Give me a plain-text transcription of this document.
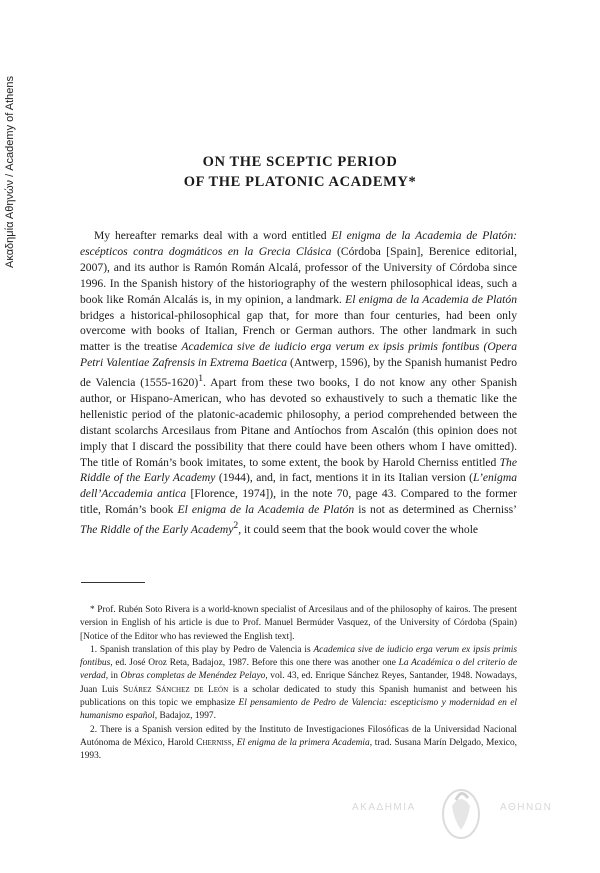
Ακαδημία Αθηνών / Academy of Athens	ON THE SCEPTIC PERIOD
OF THE PLATONIC ACADEMY*

My hereafter remarks deal with a word entitled El enigma de la Academia de Platón: escépticos contra dogmáticos en la Grecia Clásica (Córdoba [Spain], Berenice editorial, 2007), and its author is Ramón Román Alcalá, professor of the University of Córdoba since 1996. In the Spanish history of the historiography of the western philosophical ideas, such a book like Román Alcalás is, in my opinion, a landmark. El enigma de la Academia de Platón bridges a historical-philosophical gap that, for more than four centuries, had been only overcome with books of Italian, French or German authors. The other landmark in such matter is the treatise Academica sive de iudicio erga verum ex ipsis primis fontibus (Opera Petri Valentiae Zafrensis in Extrema Baetica (Antwerp, 1596), by the Spanish humanist Pedro de Valencia (1555-1620)$^1$. Apart from these two books, I do not know any other Spanish author, or Hispano-American, who has devoted so exhaustively to such a thematic like the hellenistic period of the platonic-academic philosophy, a period comprehended between the distant scolarchs Arcesilaus from Pitane and Antíochos from Ascalón (this opinion does not imply that I discard the possibility that there could have been others whom I have omitted). The title of Román’s book imitates, to some extent, the book by Harold Cherniss entitled The Riddle of the Early Academy (1944), and, in fact, mentions it in its Italian version (L’enigma dell’Accademia antica [Florence, 1974]), in the note 70, page 43. Compared to the former title, Román’s book El enigma de la Academia de Platón is not as determined as Cherniss’ The Riddle of the Early Academy$^2$, it could seem that the book would cover the whole

* Prof. Rubén Soto Rivera is a world-known specialist of Arcesilaus and of the philosophy of kairos. The present version in English of his article is due to Prof. Manuel Bermúder Vasquez, of the University of Córdoba (Spain) [Notice of the Editor who has reviewed the English text].

1. Spanish translation of this play by Pedro de Valencia is Academica sive de iudicio erga verum ex ipsis primis fontibus, ed. José Oroz Reta, Badajoz, 1987. Before this one there was another one La Académica o del criterio de verdad, in Obras completas de Menéndez Pelayo, vol. 43, ed. Enrique Sánchez Reyes, Santander, 1948. Nowadays, Juan Luis Suárez Sánchez de León is a scholar dedicated to study this Spanish humanist and between his publications on this topic we emphasize El pensamiento de Pedro de Valencia: escepticismo y modernidad en el humanismo español, Badajoz, 1997.

2. There is a Spanish version edited by the Instituto de Investigaciones Filosóficas de la Universidad Nacional Autónoma de México, Harold Cherniss, El enigma de la primera Academia, trad. Susana Marín Delgado, Mexico, 1993.

ΑΚΑΔΗΜΙΑ	ΑΘΗΝΩΝ
